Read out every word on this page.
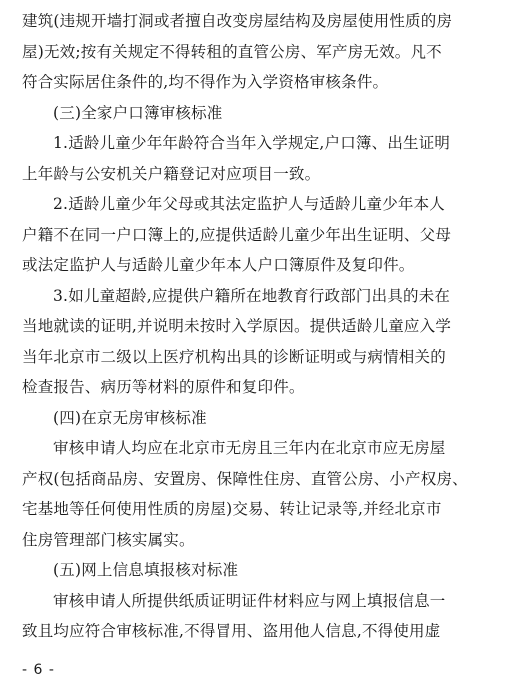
建筑(违规开墙打洞或者擅自改变房屋结构及房屋使用性质的房
屋)无效;按有关规定不得转租的直管公房、军产房无效。凡不
符合实际居住条件的,均不得作为入学资格审核条件。
(三)全家户口簿审核标准
1.适龄儿童少年年龄符合当年入学规定,户口簿、出生证明
上年龄与公安机关户籍登记对应项目一致。
2.适龄儿童少年父母或其法定监护人与适龄儿童少年本人
户籍不在同一户口簿上的,应提供适龄儿童少年出生证明、父母
或法定监护人与适龄儿童少年本人户口簿原件及复印件。
3.如儿童超龄,应提供户籍所在地教育行政部门出具的未在
当地就读的证明,并说明未按时入学原因。提供适龄儿童应入学
当年北京市二级以上医疗机构出具的诊断证明或与病情相关的
检查报告、病历等材料的原件和复印件。
(四)在京无房审核标准
审核申请人均应在北京市无房且三年内在北京市应无房屋
产权(包括商品房、安置房、保障性住房、直管公房、小产权房、
宅基地等任何使用性质的房屋)交易、转让记录等,并经北京市
住房管理部门核实属实。
(五)网上信息填报核对标准
审核申请人所提供纸质证明证件材料应与网上填报信息一
致且均应符合审核标准,不得冒用、盗用他人信息,不得使用虚
- 6 -
